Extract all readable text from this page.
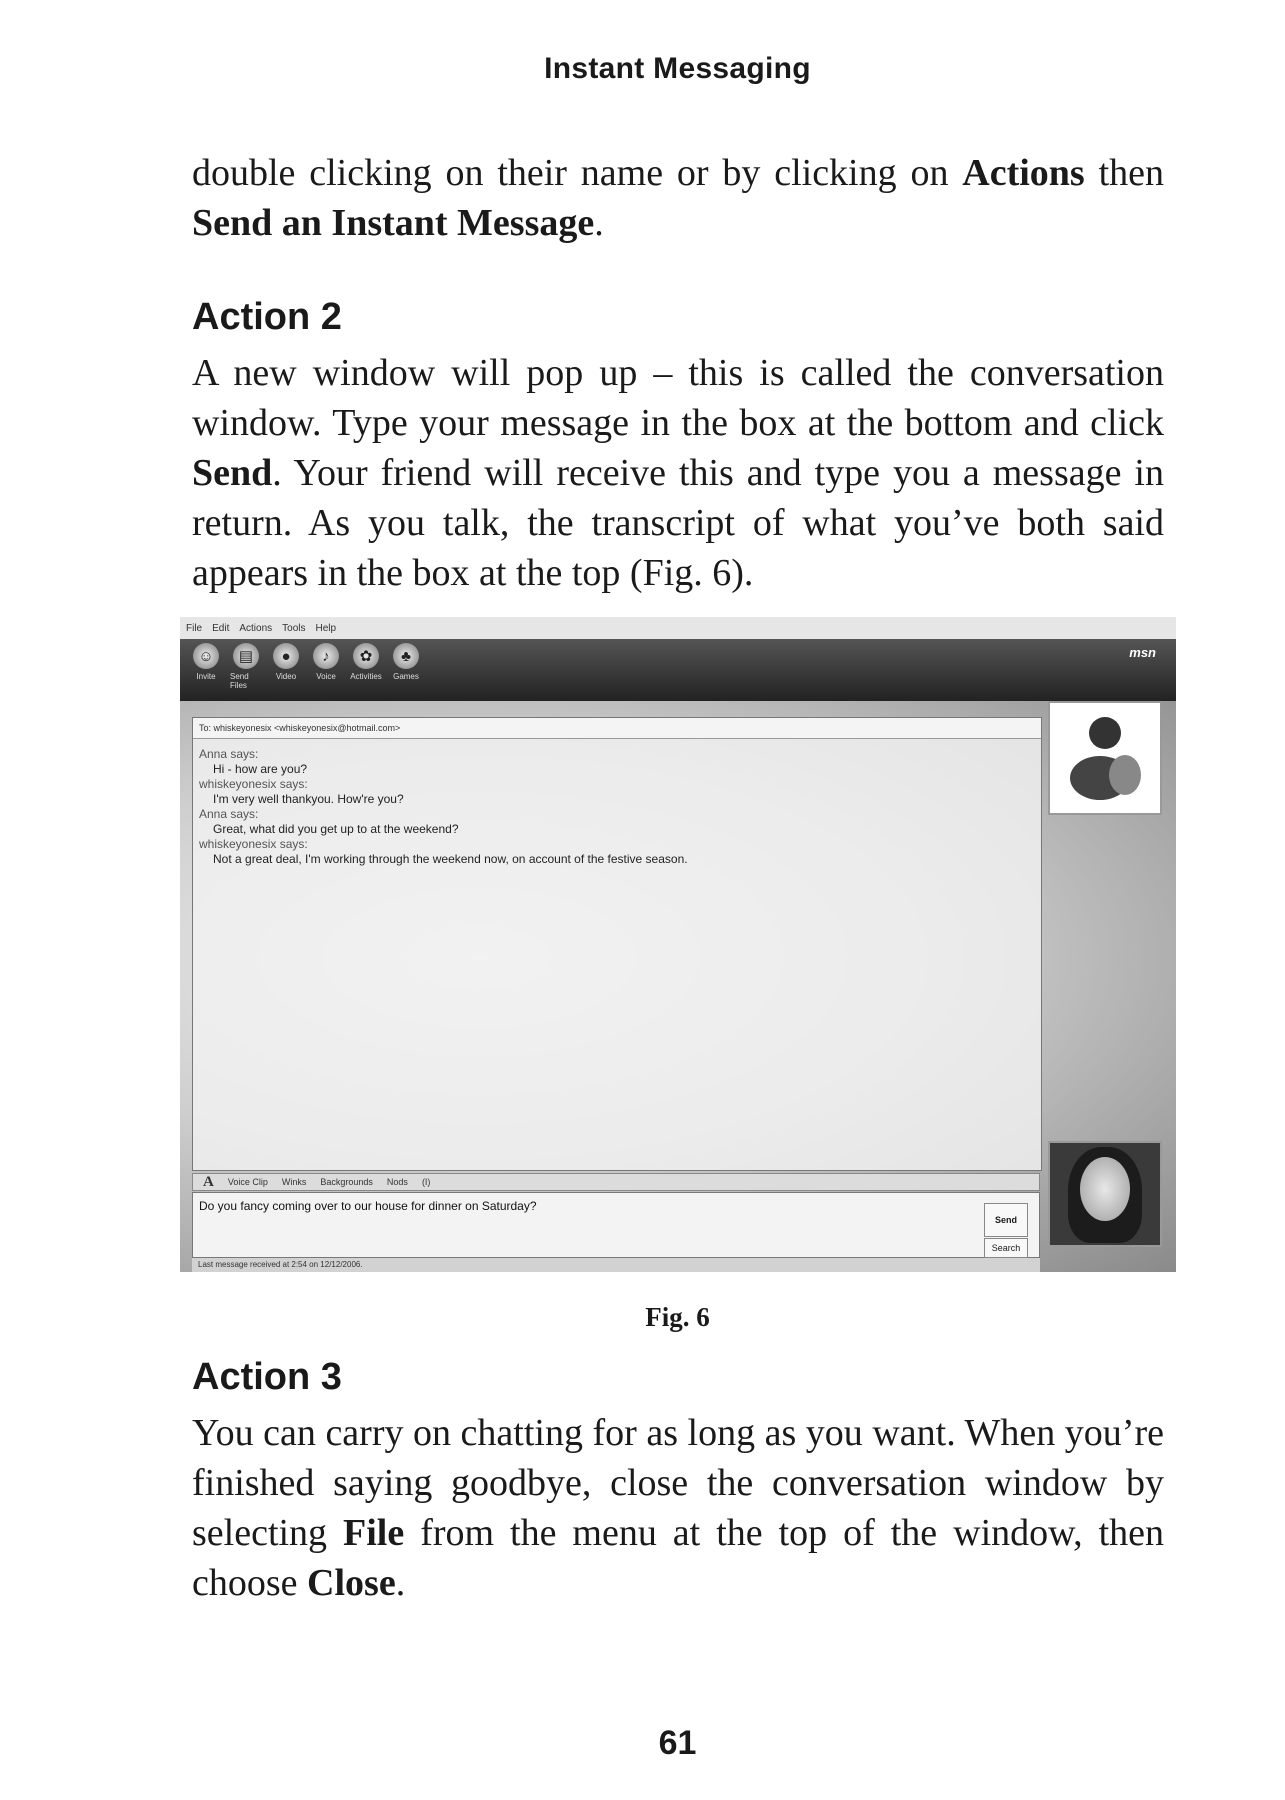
Instant Messaging

double clicking on their name or by clicking on Actions then Send an Instant Message.

Action 2

A new window will pop up – this is called the conversation window. Type your message in the box at the bottom and click Send. Your friend will receive this and type you a message in return. As you talk, the transcript of what you’ve both said appears in the box at the top (Fig. 6).

File Edit Actions Tools Help
☺
Invite
▤
Send Files
●
Video
♪
Voice
✿
Activities
♣
Games
msn
To: whiskeyonesix <whiskeyonesix@hotmail.com>
Anna says:
Hi - how are you?
whiskeyonesix says:
I'm very well thankyou. How're you?
Anna says:
Great, what did you get up to at the weekend?
whiskeyonesix says:
Not a great deal, I'm working through the weekend now, on account of the festive season.
A Voice Clip Winks Backgrounds Nods (I)
Do you fancy coming over to our house for dinner on Saturday?
Send
Search
Last message received at 2:54 on 12/12/2006.
Fig. 6
Action 3

You can carry on chatting for as long as you want. When you’re finished saying goodbye, close the conversation window by selecting File from the menu at the top of the window, then choose Close.

61
